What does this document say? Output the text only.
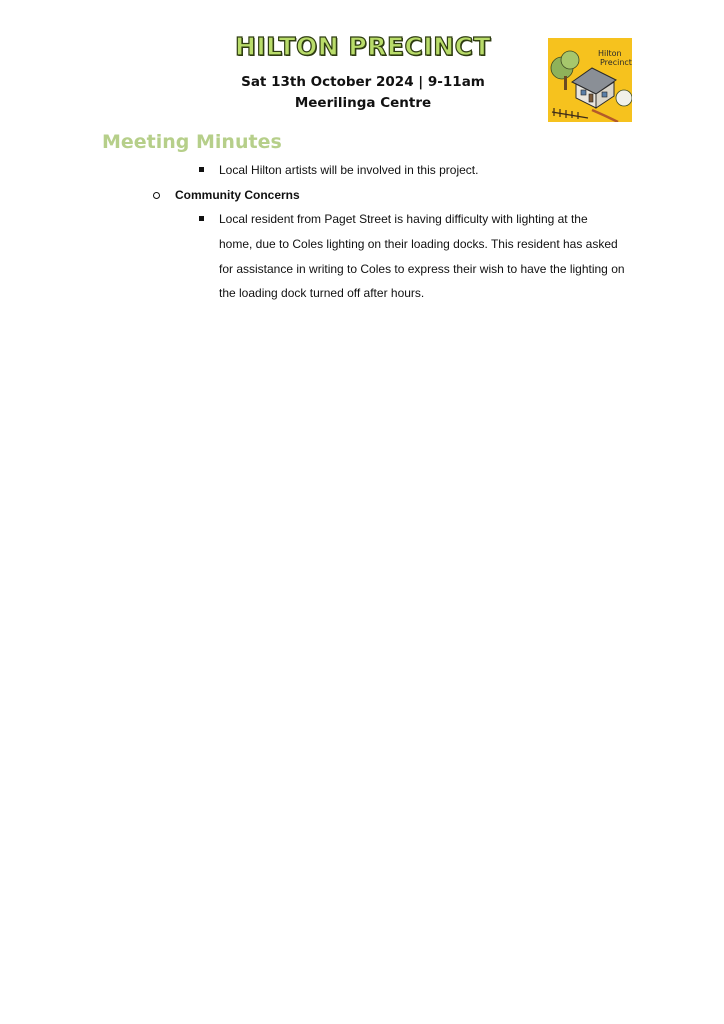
HILTON PRECINCT
Sat 13th October 2024 | 9-11am
Meerilinga Centre
Hilton
Precinct
Meeting Minutes
Local Hilton artists will be involved in this project.
Community Concerns
Local resident from Paget Street is having difficulty with lighting at the
home, due to Coles lighting on their loading docks. This resident has asked
for assistance in writing to Coles to express their wish to have the lighting on
the loading dock turned off after hours.
